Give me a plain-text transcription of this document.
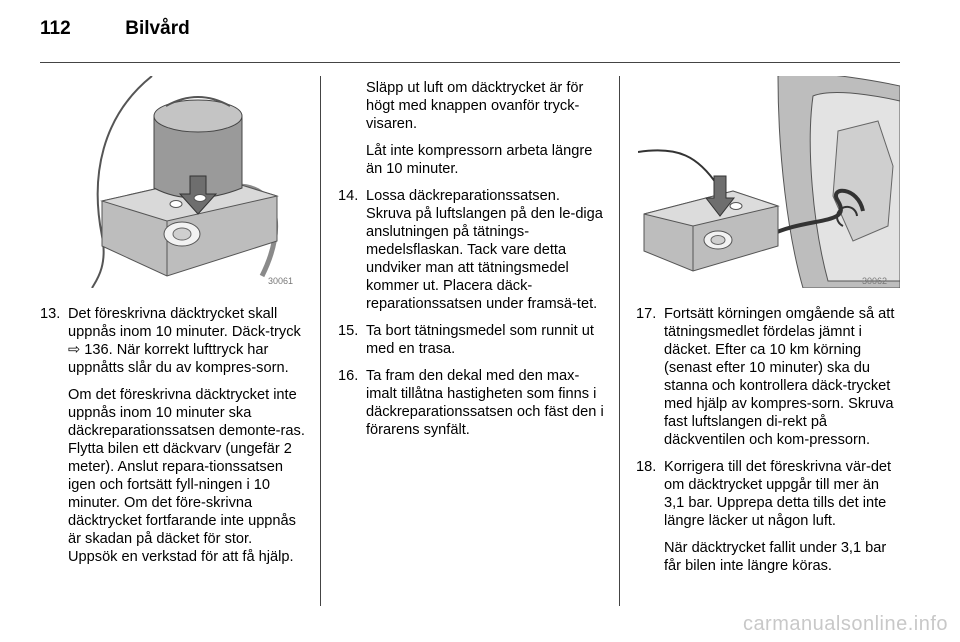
112	Bilvård
30061	30062
13. Det föreskrivna däcktrycket skall uppnås inom 10 minuter. Däck-tryck ⇨ 136. När korrekt lufttryck har uppnåtts slår du av kompres-sorn.

Om det föreskrivna däcktrycket inte uppnås inom 10 minuter ska däckreparationssatsen demonte-ras. Flytta bilen ett däckvarv (ungefär 2 meter). Anslut repara-tionssatsen igen och fortsätt fyll-ningen i 10 minuter. Om det före-skrivna däcktrycket fortfarande inte uppnås är skadan på däcket för stor. Uppsök en verkstad för att få hjälp.

Släpp ut luft om däcktrycket är för högt med knappen ovanför tryck-visaren.

Låt inte kompressorn arbeta längre än 10 minuter.

14. Lossa däckreparationssatsen. Skruva på luftslangen på den le-diga anslutningen på tätnings-medelsflaskan. Tack vare detta undviker man att tätningsmedel kommer ut. Placera däck-reparationssatsen under framsä-tet.
15. Ta bort tätningsmedel som runnit ut med en trasa.
16. Ta fram den dekal med den max-imalt tillåtna hastigheten som finns i däckreparationssatsen och fäst den i förarens synfält.
17. Fortsätt körningen omgående så att tätningsmedlet fördelas jämnt i däcket. Efter ca 10 km körning (senast efter 10 minuter) ska du stanna och kontrollera däck-trycket med hjälp av kompres-sorn. Skruva fast luftslangen di-rekt på däckventilen och kom-pressorn.
18. Korrigera till det föreskrivna vär-det om däcktrycket uppgår till mer än 3,1 bar. Upprepa detta tills det inte längre läcker ut någon luft.

När däcktrycket fallit under 3,1 bar får bilen inte längre köras.

carmanualsonline.info
